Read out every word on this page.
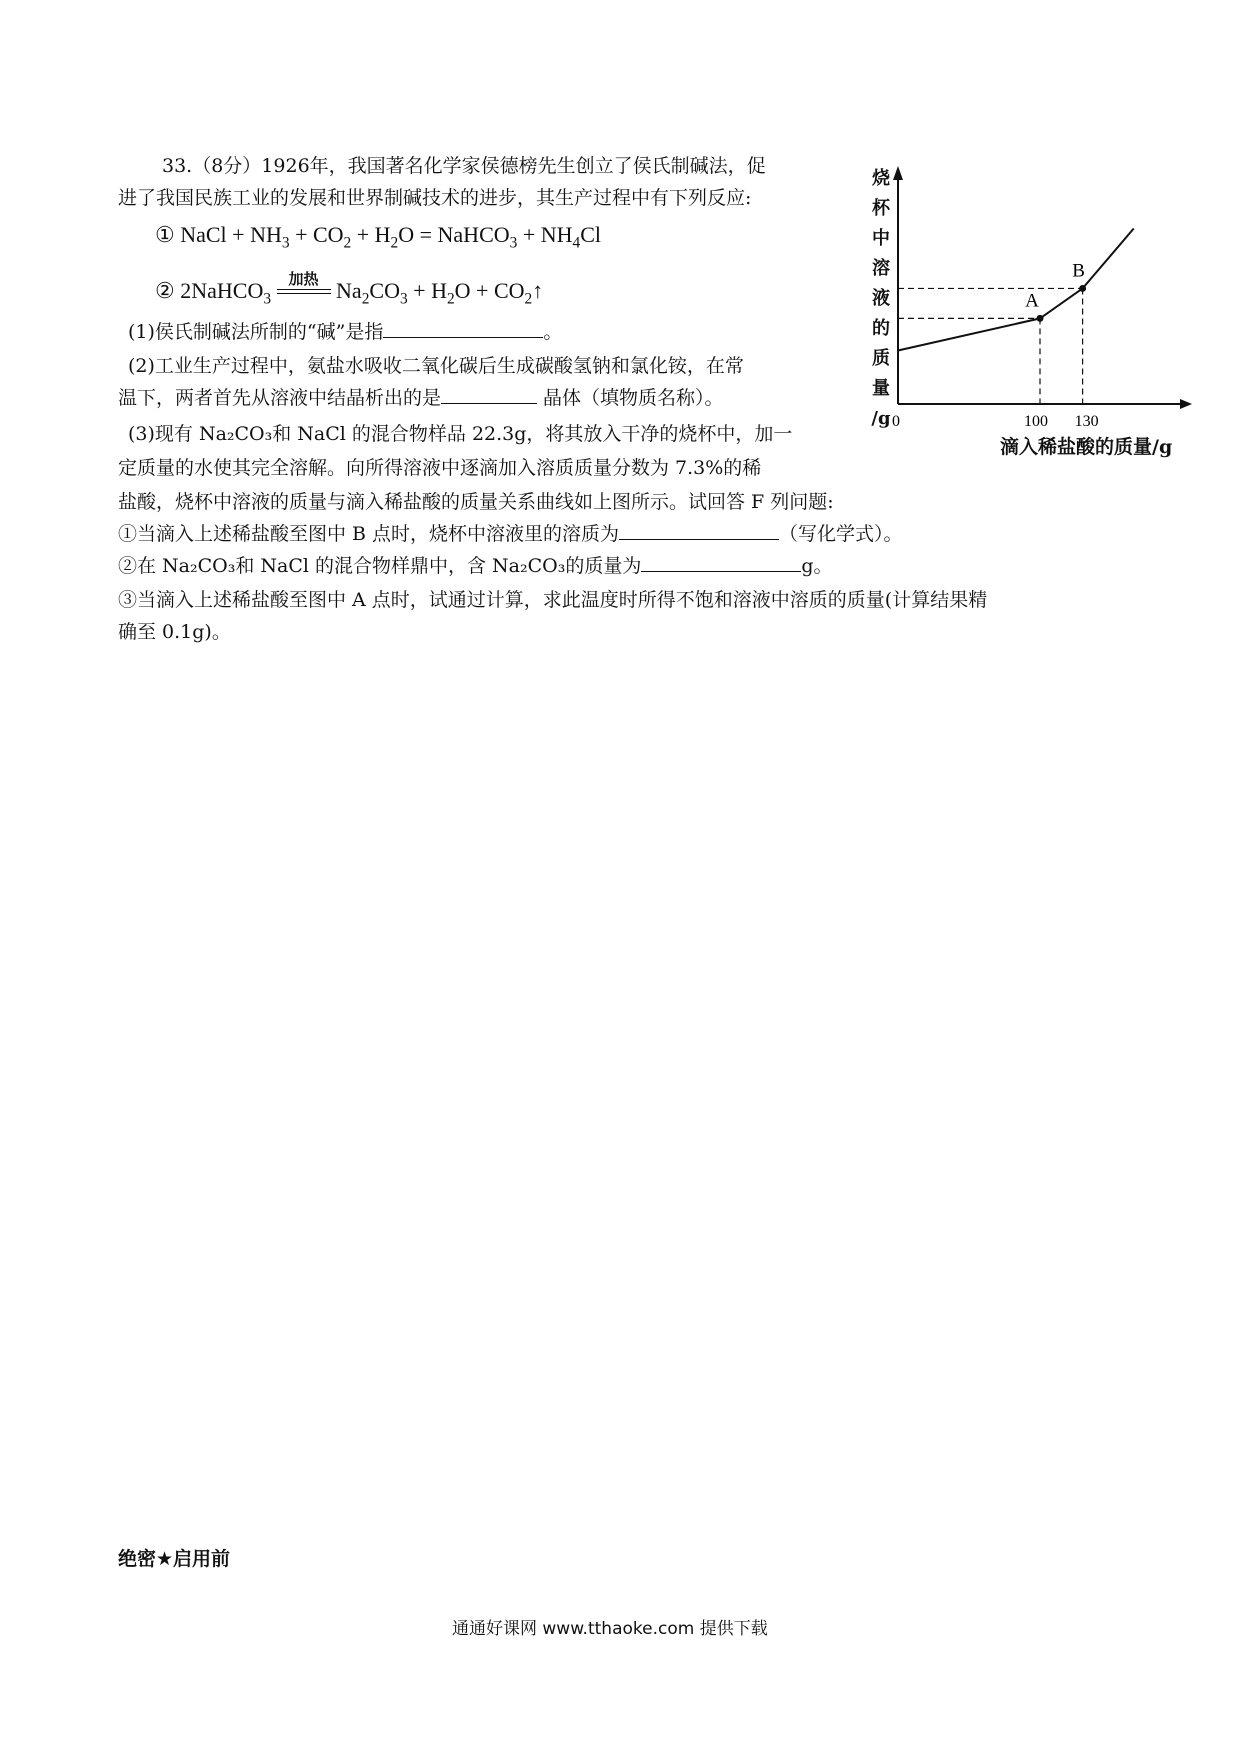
33.（8分）1926年，我国著名化学家侯德榜先生创立了侯氏制碱法，促
进了我国民族工业的发展和世界制碱技术的进步，其生产过程中有下列反应:
① NaCl + $NH_3 + CO_2 + H_2O$ = NaHCO$_3$ + $NH_4Cl$
② 2NaHCO$_3$
加热 $Na_2CO_3 + H_2O$ + $CO_2↑$
(1)侯氏制碱法所制的“碱”是指	。
(2)工业生产过程中，氨盐水吸收二氧化碳后生成碳酸氢钠和氯化铵，在常
温下，两者首先从溶液中结晶析出的是	晶体（填物质名称）。
(3)现有 Na₂CO₃和 NaCl 的混合物样品 22.3g，将其放入干净的烧杯中，加一
定质量的水使其完全溶解。向所得溶液中逐滴加入溶质质量分数为 7.3%的稀
盐酸，烧杯中溶液的质量与滴入稀盐酸的质量关系曲线如上图所示。试回答 F 列问题:
①当滴入上述稀盐酸至图中 B 点时，烧杯中溶液里的溶质为	（写化学式）。
②在 Na₂CO₃和 NaCl 的混合物样鼎中，含 Na₂CO₃的质量为	g。
③当滴入上述稀盐酸至图中 A 点时，试通过计算，求此温度时所得不饱和溶液中溶质的质量(计算结果精
确至 0.1g)。
烧
杯
中
溶
液
的
质
量
/g
A
B
0	100 130
滴入稀盐酸的质量/g
绝密★启用前
通通好课网 www.tthaoke.com 提供下载
